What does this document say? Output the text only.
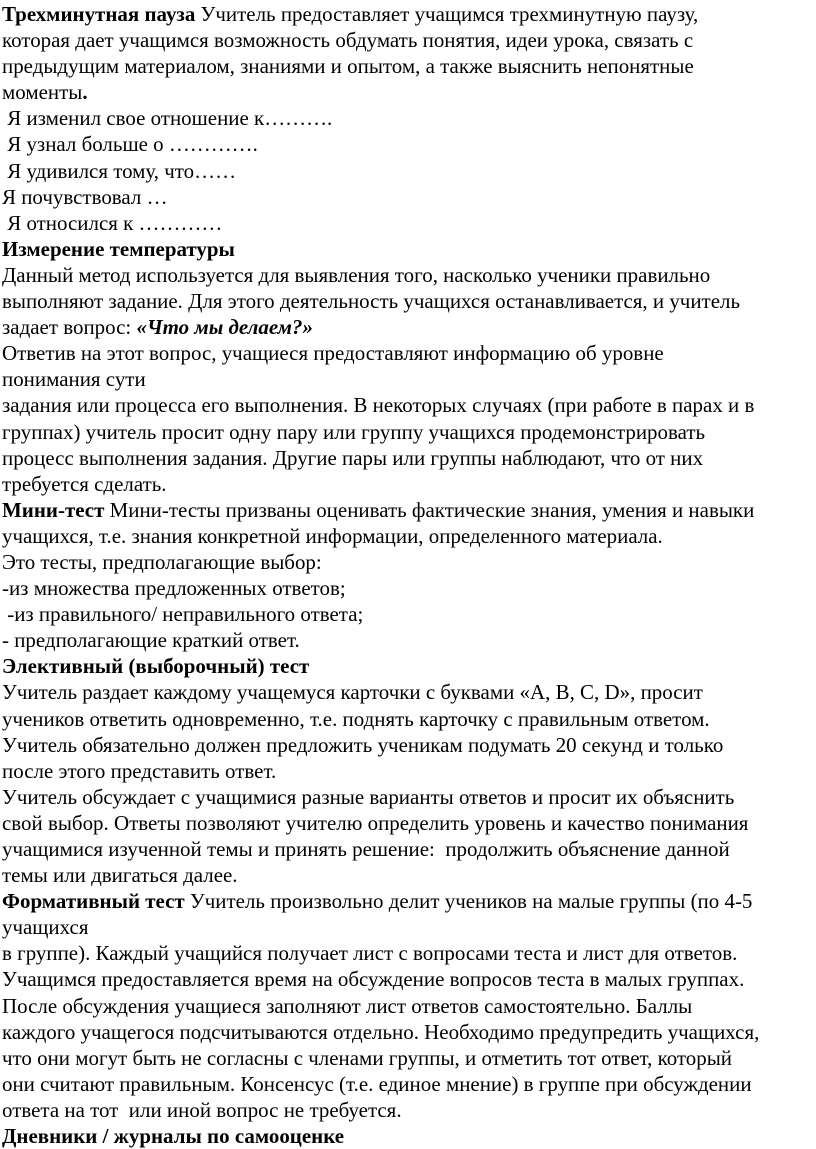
Трехминутная пауза Учитель предоставляет учащимся трехминутную паузу,
которая дает учащимся возможность обдумать понятия, идеи урока, связать с
предыдущим материалом, знаниями и опытом, а также выяснить непонятные
моменты.
Я изменил свое отношение к……….
Я узнал больше о ………….
Я удивился тому, что……
Я почувствовал …
Я относился к …………
Измерение температуры
Данный метод используется для выявления того, насколько ученики правильно
выполняют задание. Для этого деятельность учащихся останавливается, и учитель
задает вопрос: «Что мы делаем?»
Ответив на этот вопрос, учащиеся предоставляют информацию об уровне
понимания сути
задания или процесса его выполнения. В некоторых случаях (при работе в парах и в
группах) учитель просит одну пару или группу учащихся продемонстрировать
процесс выполнения задания. Другие пары или группы наблюдают, что от них
требуется сделать.
Мини-тест Мини-тесты призваны оценивать фактические знания, умения и навыки
учащихся, т.е. знания конкретной информации, определенного материала.
Это тесты, предполагающие выбор:
-из множества предложенных ответов;
-из правильного/ неправильного ответа;
- предполагающие краткий ответ.
Элективный (выборочный) тест
Учитель раздает каждому учащемуся карточки с буквами «A, B, C, D», просит
учеников ответить одновременно, т.е. поднять карточку с правильным ответом.
Учитель обязательно должен предложить ученикам подумать 20 секунд и только
после этого представить ответ.
Учитель обсуждает с учащимися разные варианты ответов и просит их объяснить
свой выбор. Ответы позволяют учителю определить уровень и качество понимания
учащимися изученной темы и принять решение:  продолжить объяснение данной
темы или двигаться далее.
Формативный тест Учитель произвольно делит учеников на малые группы (по 4-5
учащихся
в группе). Каждый учащийся получает лист с вопросами теста и лист для ответов.
Учащимся предоставляется время на обсуждение вопросов теста в малых группах.
После обсуждения учащиеся заполняют лист ответов самостоятельно. Баллы
каждого учащегося подсчитываются отдельно. Необходимо предупредить учащихся,
что они могут быть не согласны с членами группы, и отметить тот ответ, который
они считают правильным. Консенсус (т.е. единое мнение) в группе при обсуждении
ответа на тот  или иной вопрос не требуется.
Дневники / журналы по самооценке
